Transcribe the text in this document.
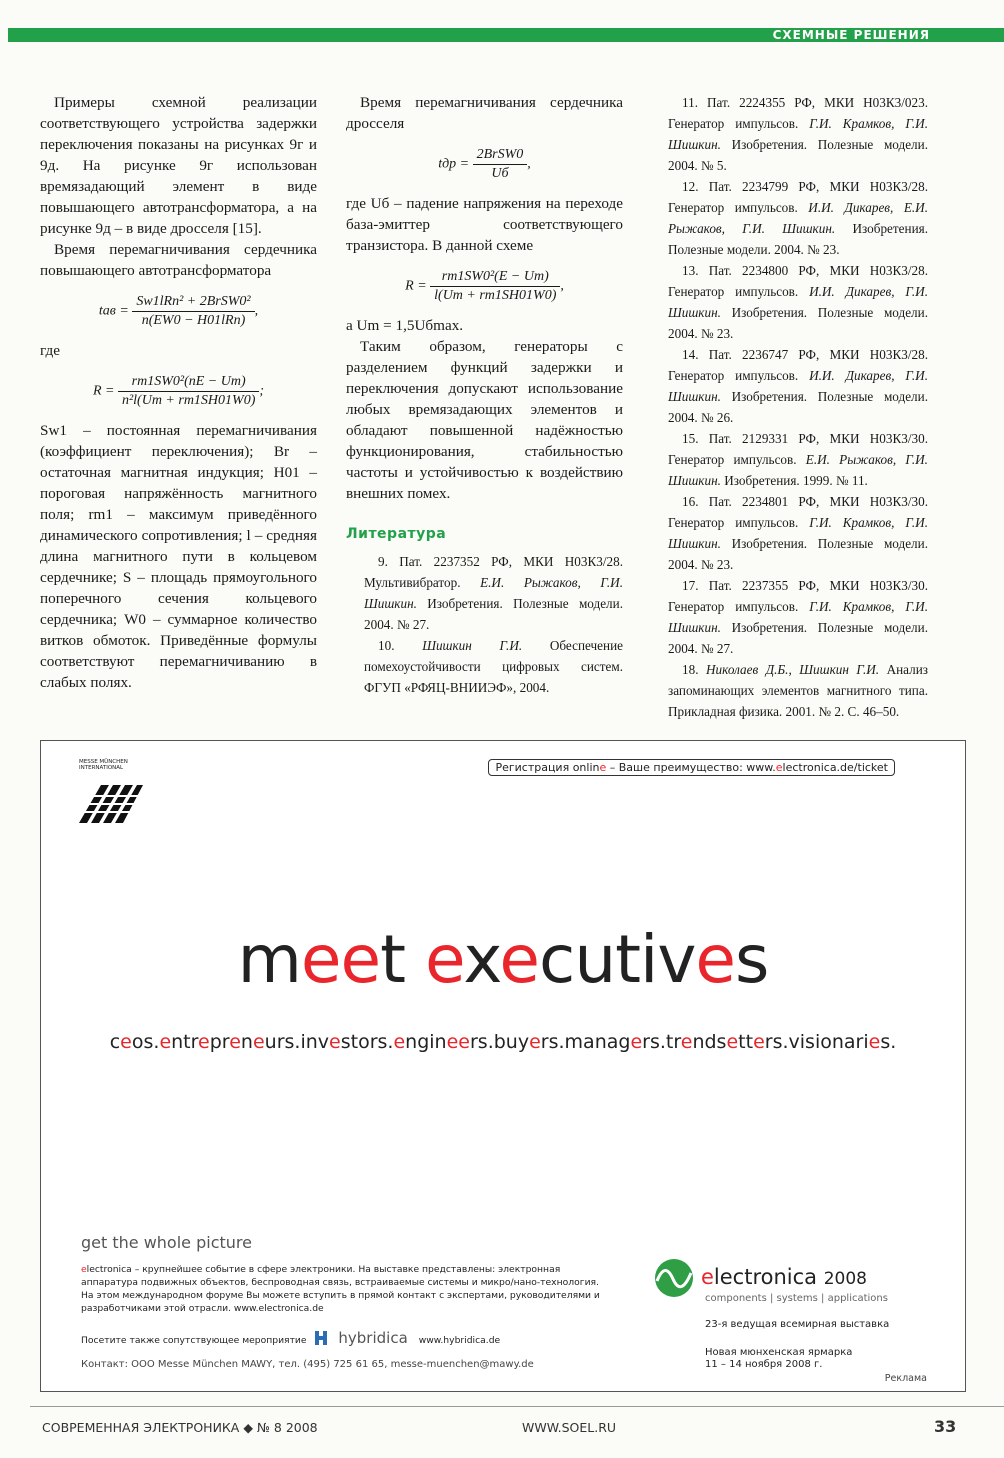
СХЕМНЫЕ РЕШЕНИЯ

Примеры схемной реализации соответствующего устройства задержки переключения показаны на рисунках 9г и 9д. На рисунке 9г использован времязадающий элемент в виде повышающего автотрансформатора, а на рисунке 9д – в виде дросселя [15].

Время перемагничивания сердечника повышающего автотрансформатора

tав = $\frac{\text{Sw1lRn² + 2BrSW0²}}{\text{n(EW0 − H01lRn)}}$ ,

где

$R = \frac{\text{rm1SW0²(nE − Um)}}{\text{n²l(Um + rm1SH01W0)}}$ ;

Sw1 – постоянная перемагничивания (коэффициент переключения); Br – остаточная магнитная индукция; H01 – пороговая напряжённость магнитного поля; rm1 – максимум приведённого динамического сопротивления; l – средняя длина магнитного пути в кольцевом сердечнике; S – площадь прямоугольного поперечного сечения кольцевого сердечника; W0 – суммарное количество витков обмоток. Приведённые формулы соответствуют перемагничиванию в слабых полях.

Время перемагничивания сердечника дросселя

tдр = $\frac{\text{2BrSW0}}{Uб}$ ,

где Uб – падение напряжения на переходе база-эмиттер соответствующего транзистора. В данной схеме

$R = \frac{\text{rm1SW0²(E − Um)}}{l(Um + rm1SH01W0)}$ ,

а Um = 1,5Uбmax.

Таким образом, генераторы с разделением функций задержки и переключения допускают использование любых времязадающих элементов и обладают повышенной надёжностью функционирования, стабильностью частоты и устойчивостью к воздействию внешних помех.

Литература

9. Пат. 2237352 РФ, МКИ Н03К3/28. Мультивибратор. Е.И. Рыжаков, Г.И. Шишкин. Изобретения. Полезные модели. 2004. № 27.

10. Шишкин Г.И. Обеспечение помехоустойчивости цифровых систем. ФГУП «РФЯЦ-ВНИИЭФ», 2004.

11. Пат. 2224355 РФ, МКИ Н03К3/023. Генератор импульсов. Г.И. Крамков, Г.И. Шишкин. Изобретения. Полезные модели. 2004. № 5.

12. Пат. 2234799 РФ, МКИ Н03К3/28. Генератор импульсов. И.И. Дикарев, Е.И. Рыжаков, Г.И. Шишкин. Изобретения. Полезные модели. 2004. № 23.

13. Пат. 2234800 РФ, МКИ Н03К3/28. Генератор импульсов. И.И. Дикарев, Г.И. Шишкин. Изобретения. Полезные модели. 2004. № 23.

14. Пат. 2236747 РФ, МКИ Н03К3/28. Генератор импульсов. И.И. Дикарев, Г.И. Шишкин. Изобретения. Полезные модели. 2004. № 26.

15. Пат. 2129331 РФ, МКИ Н03К3/30. Генератор импульсов. Е.И. Рыжаков, Г.И. Шишкин. Изобретения. 1999. № 11.

16. Пат. 2234801 РФ, МКИ Н03К3/30. Генератор импульсов. Г.И. Крамков, Г.И. Шишкин. Изобретения. Полезные модели. 2004. № 23.

17. Пат. 2237355 РФ, МКИ Н03К3/30. Генератор импульсов. Г.И. Крамков, Г.И. Шишкин. Изобретения. Полезные модели. 2004. № 27.

18. Николаев Д.Б., Шишкин Г.И. Анализ запоминающих элементов магнитного типа. Прикладная физика. 2001. № 2. С. 46–50.

MESSE MÜNCHEN INTERNATIONAL	Регистрация online – Ваше преимущество: www.electronica.de/ticket
meet executives
ceos.entrepreneurs.investors.engineers.buyers.managers.trendsetters.visionaries.
get the whole picture
electronica – крупнейшее событие в сфере электроники. На выставке представлены: электронная аппаратура подвижных объектов, беспроводная связь, встраиваемые системы и микро/нано-технология. На этом международном форуме Вы можете вступить в прямой контакт с экспертами, руководителями и разработчиками этой отрасли. www.electronica.de
Посетите также сопутствующее мероприятие hybridica www.hybridica.de
Контакт: ООО Messe München MAWY, тел. (495) 725 61 65, messe-muenchen@mawy.de
electronica 2008
components | systems | applications
23-я ведущая всемирная выставка
Новая мюнхенская ярмарка
11 – 14 ноября 2008 г.
Реклама
СОВРЕМЕННАЯ ЭЛЕКТРОНИКА ◆ № 8 2008	WWW.SOEL.RU	33
